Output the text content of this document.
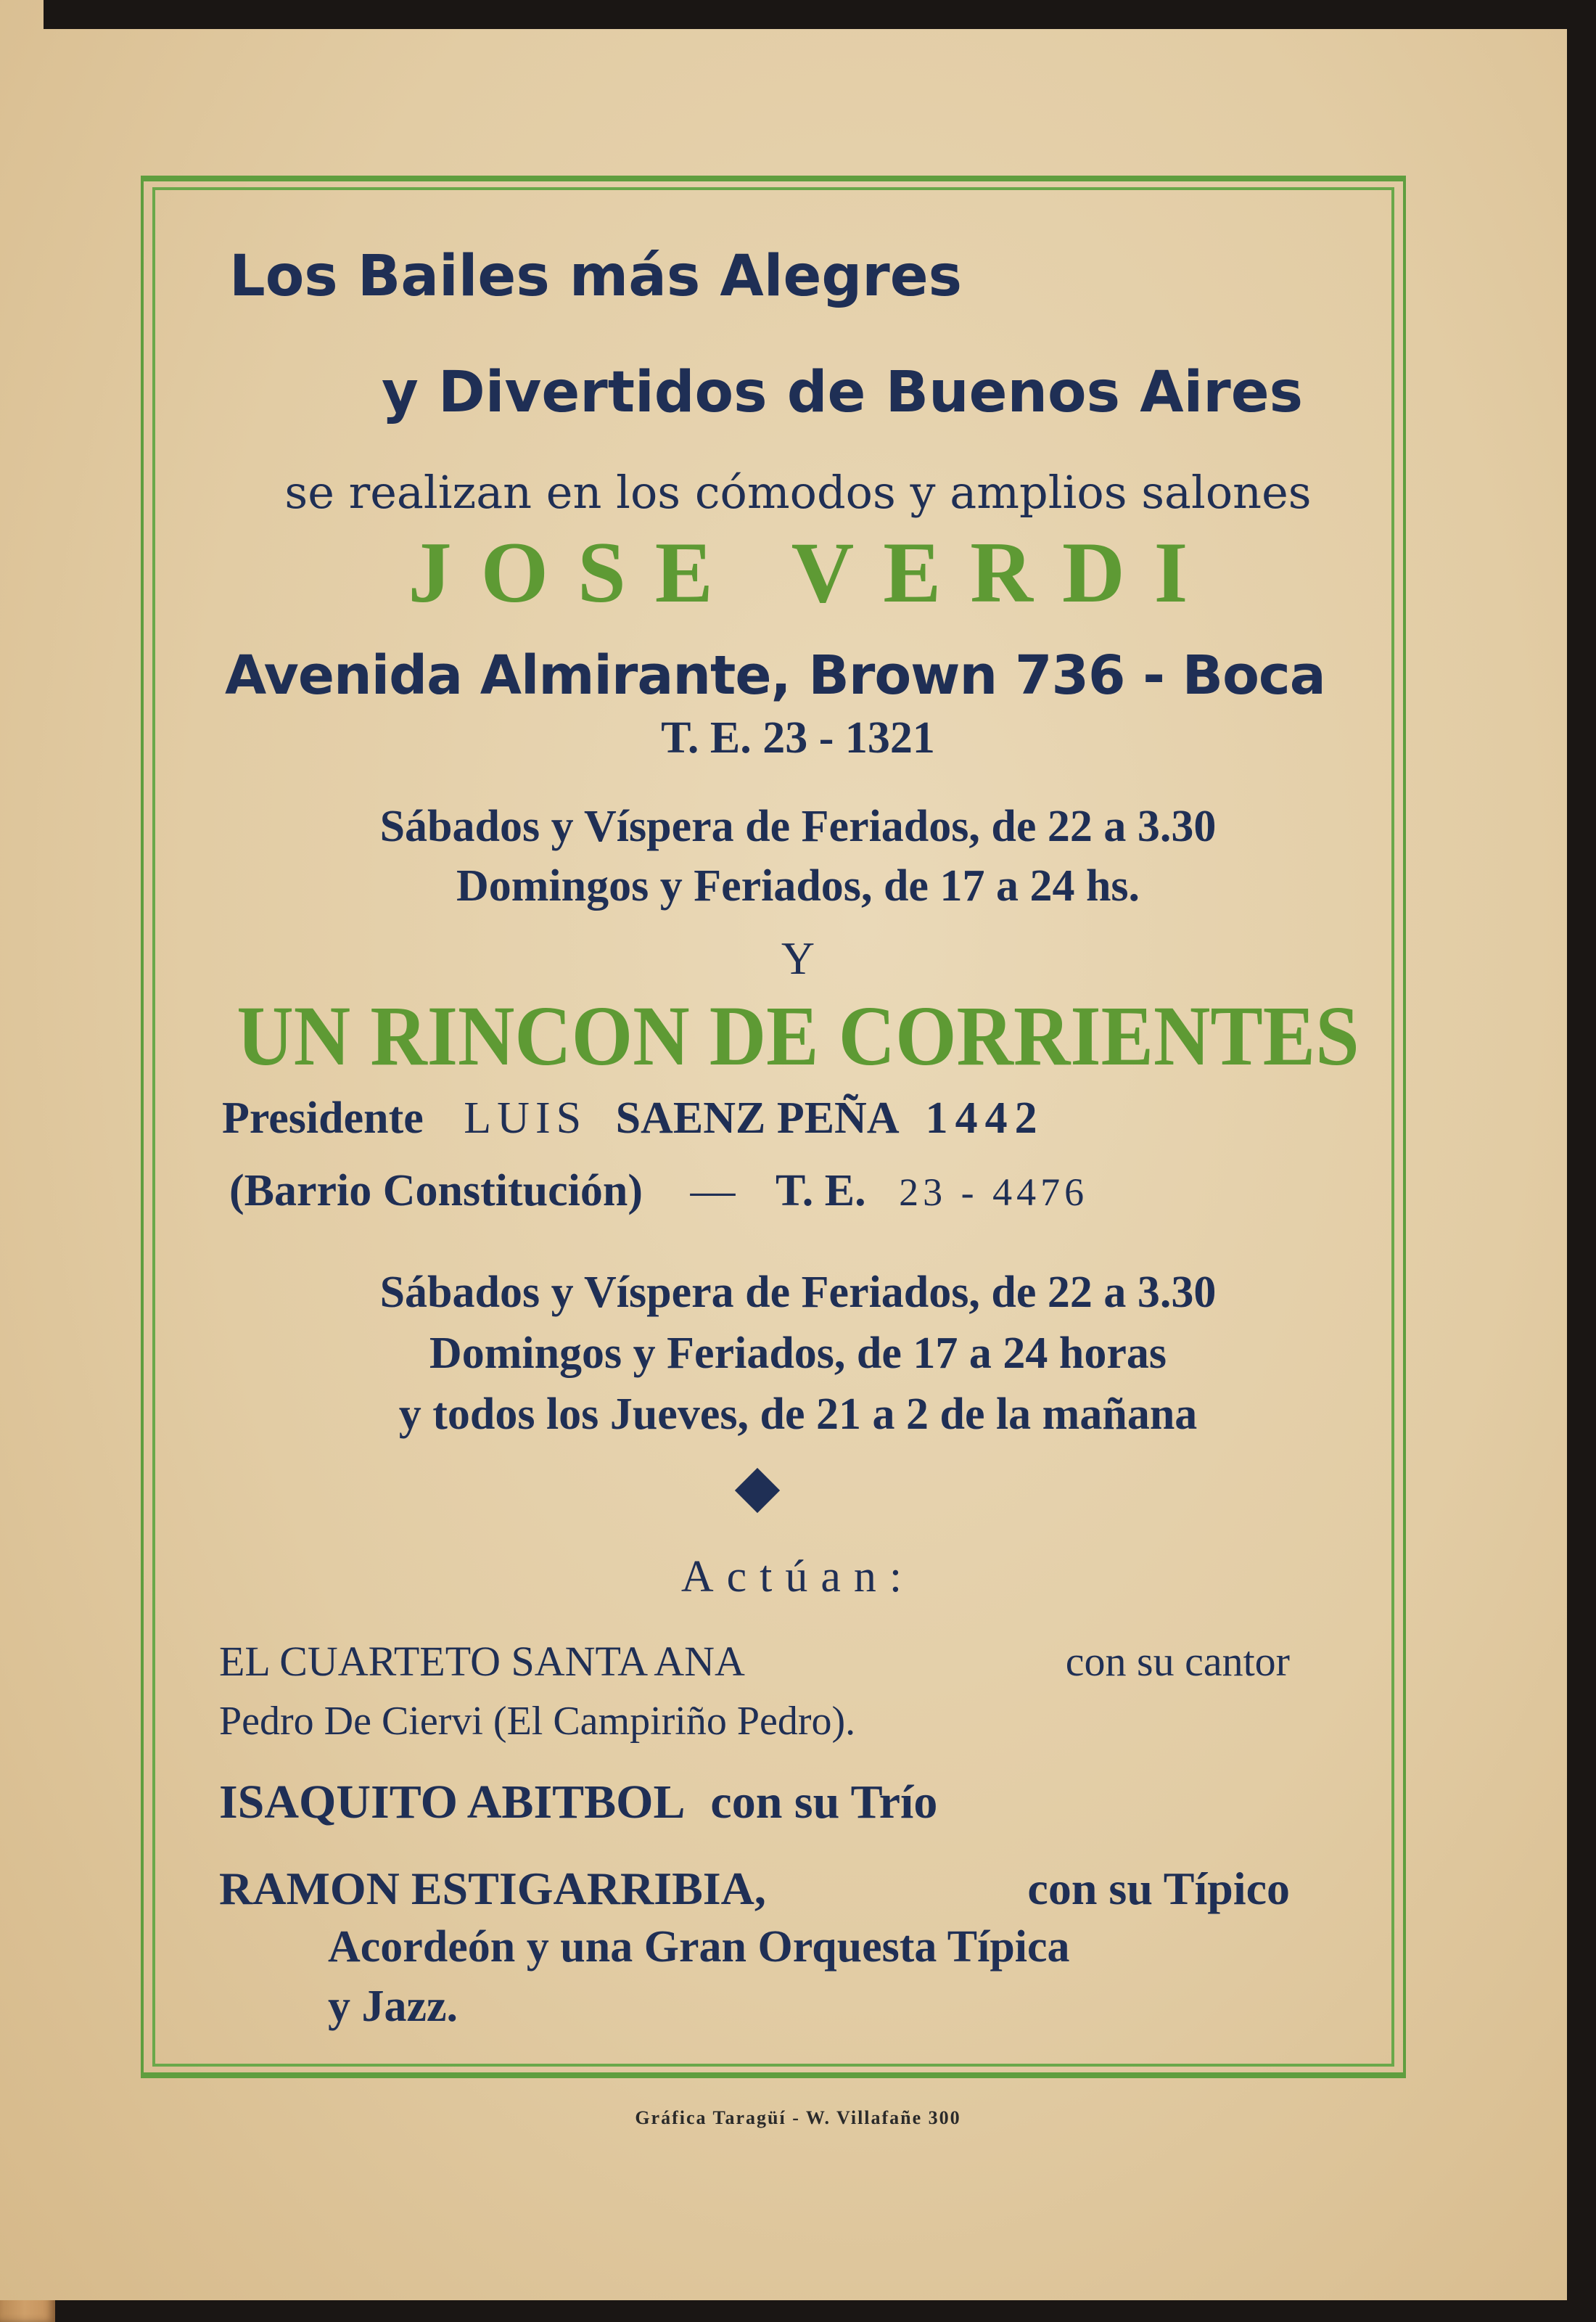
Los Bailes más Alegres

y Divertidos de Buenos Aires

se realizan en los cómodos y amplios salones

JOSE VERDI

Avenida Almirante, Brown 736 - Boca

T. E. 23 - 1321

Sábados y Víspera de Feriados, de 22 a 3.30

Domingos y Feriados, de 17 a 24 hs.

Y

UN RINCON DE CORRIENTES

Presidente LUIS SAENZ PEÑA 1442
(Barrio Constitución) — T. E. 23 - 4476

Sábados y Víspera de Feriados, de 22 a 3.30

Domingos y Feriados, de 17 a 24 horas

y todos los Jueves, de 21 a 2 de la mañana

Actúan:

EL CUARTETO SANTA ANA	con su cantor

Pedro De Ciervi (El Campiriño Pedro).

ISAQUITO ABITBOL con su Trío
RAMON ESTIGARRIBIA,	con su Típico

Acordeón y una Gran Orquesta Típica

y Jazz.

Gráfica Taragüí - W. Villafañe 300
